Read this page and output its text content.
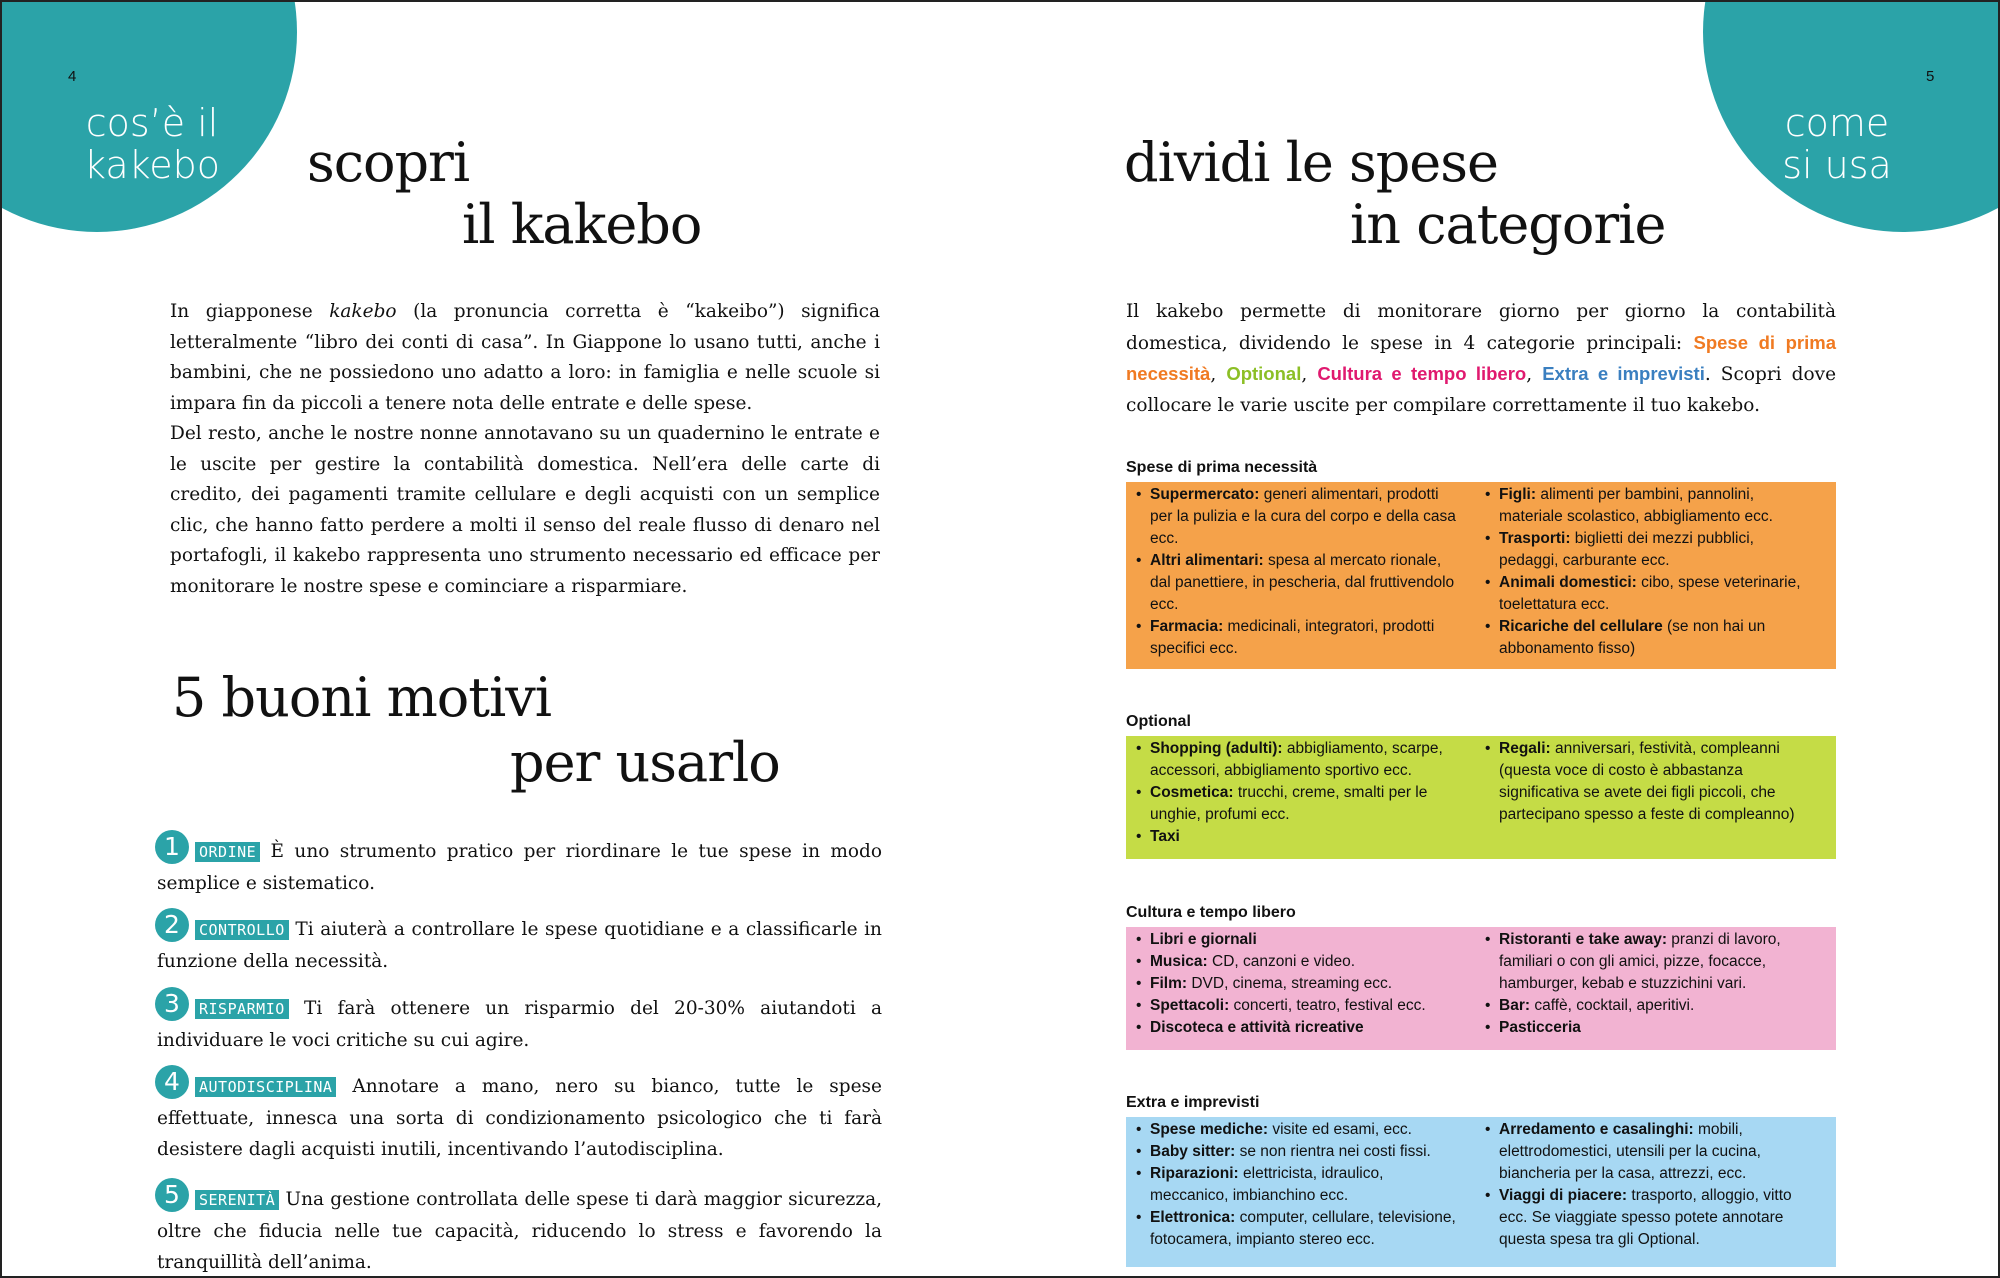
cos’è il
kakebo
4
scopri
il kakebo

In giapponese kakebo (la pronuncia corretta è “kakeibo”) significa letteralmente “libro dei conti di casa”. In Giappone lo usano tutti, anche i bambini, che ne possiedono uno adatto a loro: in famiglia e nelle scuole si impara fin da piccoli a tenere nota delle entrate e delle spese.

Del resto, anche le nostre nonne annotavano su un quadernino le entrate e le uscite per gestire la contabilità domestica. Nell’era delle carte di credito, dei pagamenti tramite cellulare e degli acquisti con un semplice clic, che hanno fatto perdere a molti il senso del reale flusso di denaro nel portafogli, il kakebo rappresenta uno strumento necessario ed efficace per monitorare le nostre spese e cominciare a risparmiare.

5 buoni motivi
per usarlo
1	ORDINE È uno strumento pratico per riordinare le tue spese in modo semplice e sistematico.
2	CONTROLLO Ti aiuterà a controllare le spese quotidiane e a classificarle in funzione della necessità.
3	RISPARMIO Ti farà ottenere un risparmio del 20-30% aiutandoti a individuare le voci critiche su cui agire.
4	AUTODISCIPLINA Annotare a mano, nero su bianco, tutte le spese effettuate, innesca una sorta di condizionamento psicologico che ti farà desistere dagli acquisti inutili, incentivando l’autodisciplina.
5	SERENITÀ Una gestione controllata delle spese ti darà maggior sicurezza, oltre che fiducia nelle tue capacità, riducendo lo stress e favorendo la tranquillità dell’anima.
come
si usa
5
dividi le spese
in categorie

Il kakebo permette di monitorare giorno per giorno la contabilità domestica, dividendo le spese in 4 categorie principali: Spese di prima necessità, Optional, Cultura e tempo libero, Extra e imprevisti. Scopri dove collocare le varie uscite per compilare correttamente il tuo kakebo.

Spese di prima necessità
• Supermercato: generi alimentari, prodotti per la pulizia e la cura del corpo e della casa ecc.
• Altri alimentari: spesa al mercato rionale, dal panettiere, in pescheria, dal fruttivendolo ecc.
• Farmacia: medicinali, integratori, prodotti specifici ecc.
• Figli: alimenti per bambini, pannolini, materiale scolastico, abbigliamento ecc.
• Trasporti: biglietti dei mezzi pubblici, pedaggi, carburante ecc.
• Animali domestici: cibo, spese veterinarie, toelettatura ecc.
• Ricariche del cellulare (se non hai un abbonamento fisso)
Optional
• Shopping (adulti): abbigliamento, scarpe, accessori, abbigliamento sportivo ecc.
• Cosmetica: trucchi, creme, smalti per le unghie, profumi ecc.
• Taxi
• Regali: anniversari, festività, compleanni (questa voce di costo è abbastanza significativa se avete dei figli piccoli, che partecipano spesso a feste di compleanno)
Cultura e tempo libero
• Libri e giornali
• Musica: CD, canzoni e video.
• Film: DVD, cinema, streaming ecc.
• Spettacoli: concerti, teatro, festival ecc.
• Discoteca e attività ricreative
• Ristoranti e take away: pranzi di lavoro, familiari o con gli amici, pizze, focacce, hamburger, kebab e stuzzichini vari.
• Bar: caffè, cocktail, aperitivi.
• Pasticceria
Extra e imprevisti
• Spese mediche: visite ed esami, ecc.
• Baby sitter: se non rientra nei costi fissi.
• Riparazioni: elettricista, idraulico, meccanico, imbianchino ecc.
• Elettronica: computer, cellulare, televisione, fotocamera, impianto stereo ecc.
• Arredamento e casalinghi: mobili, elettrodomestici, utensili per la cucina, biancheria per la casa, attrezzi, ecc.
• Viaggi di piacere: trasporto, alloggio, vitto ecc. Se viaggiate spesso potete annotare questa spesa tra gli Optional.
